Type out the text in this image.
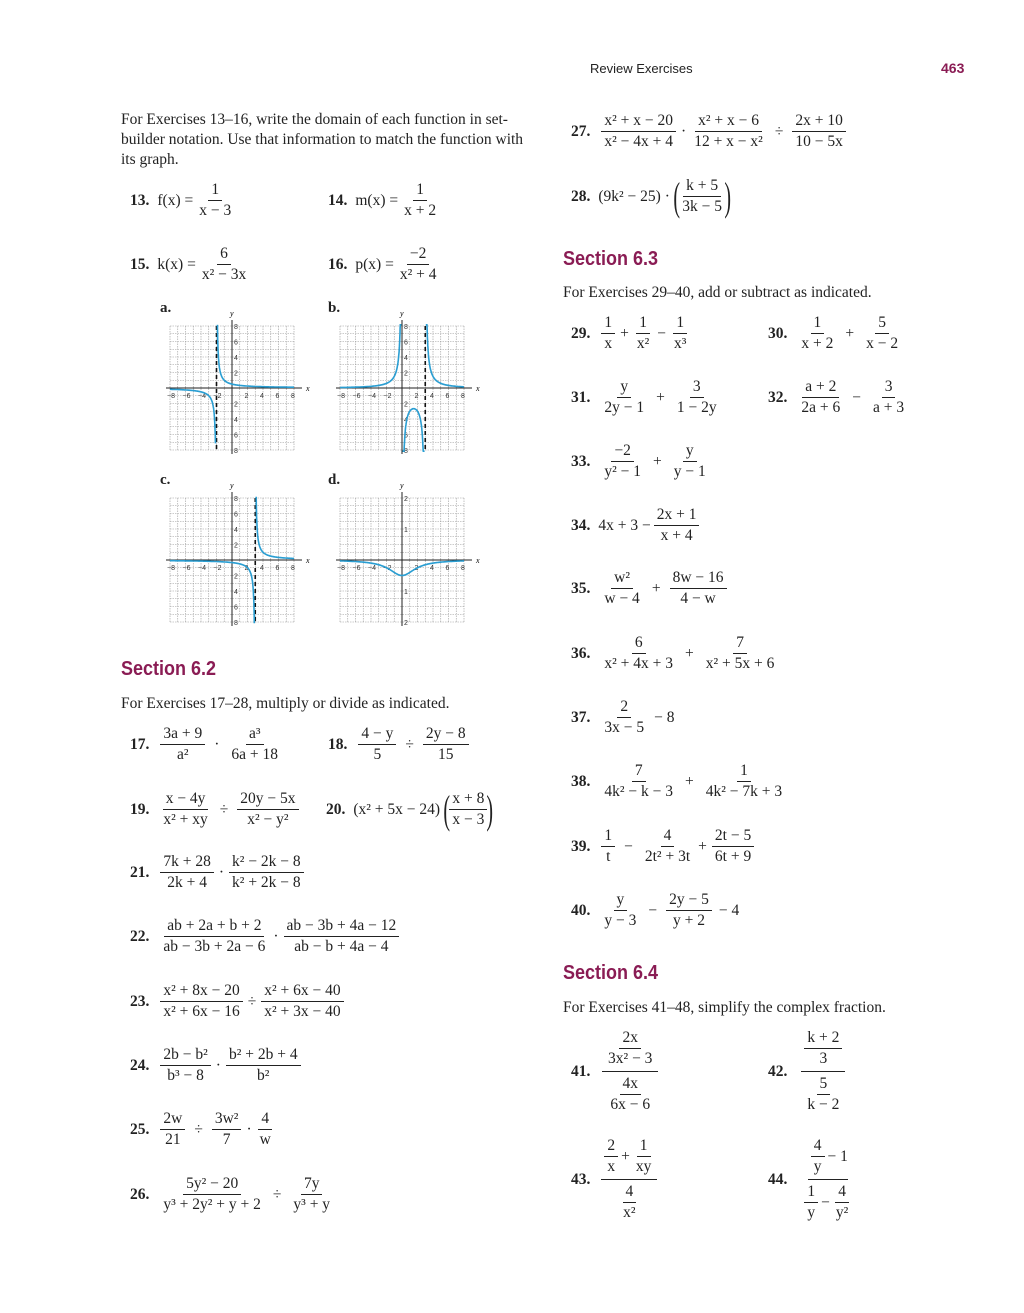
Review Exercises	463
For Exercises 13–16, write the domain of each function in set-builder notation. Use that information to match the function with its graph.
13. $f(x) = \frac{1}{x - 3}$	14. $m(x) = \frac{1}{x + 2}$
15. $k(x) = \frac{6}{\text{x² − 3x}}$	16. $p(x) = \frac{-2}{\text{x² + 4}}$
a.	b.
c.	d.
x
y
−8 −6 −4 −2	2 4 6 8
8
6
4
2
2
4
6
8
x
y
−8 −6 −4 −2	2 4 6 8
8
6
4
2
2
4
6
8
x
y
−8 −6 −4 −2	2 4 6 8
8
6
4
2
2
4
6
8
x
y
−8 −6 −4 −2	2 4 6 8
2
1
1
2
Section 6.2
For Exercises 17–28, multiply or divide as indicated.
17. $\frac{3a + 9}{\text{a²}} \cdot \frac{\text{a³}}{6a + 18}$	18. $\frac{4 - y}{5} \div \frac{2y - 8}{15}$
19. $\frac{x - 4y}{\text{x² + xy}} \div \frac{20y - 5x}{\text{x² − y²}} 20$. (x² + 5x − 24) ( $\frac{x + 8}{x - 3}$ )
21. $\frac{7k + 28}{2k + 4} \cdot \frac{\text{k² − 2k − 8}}{\text{k² + 2k − 8}}$
22. $\frac{ab + 2a + b + 2}{ab - 3b + 2a - 6} \cdot \frac{ab - 3b + 4a - 12}{ab - b + 4a - 4}$
23. $\frac{\text{x² + 8x − 20}}{\text{x² + 6x − 16}} \div \frac{\text{x² + 6x − 40}}{\text{x² + 3x − 40}}$
24. $\frac{\text{2b − b²}}{\text{b³ − 8}} \cdot \frac{\text{b² + 2b + 4}}{\text{b²}}$
25. $\frac{2w}{21} \div \frac{\text{3w²}}{7} \cdot \frac{4}{w}$
26. $\frac{\text{5y² − 20}}{\text{y³ + 2y² + y + 2}} \div \frac{7y}{\text{y³ + y}}$
27. $\frac{\text{x² + x − 20}}{\text{x² − 4x + 4}} \cdot \frac{\text{x² + x − 6}}{\text{12 + x − x²}} \div \frac{2x + 10}{10 - 5x}$
28. (9k² − 25) · ( $\frac{k + 5}{3k - 5}$ )
Section 6.3
For Exercises 29–40, add or subtract as indicated.
29. $\frac{1}{x} + \frac{1}{\text{x²}} - \frac{1}{\text{x³}}$	30. $\frac{1}{x + 2} + \frac{5}{x - 2}$
31. $\frac{y}{2y - 1} + \frac{3}{1 - 2y}$	32. $\frac{a + 2}{2a + 6} - \frac{3}{a + 3}$
33. $\frac{-2}{\text{y² − 1}} + \frac{y}{y - 1}$
34. $4x + 3 - \frac{2x + 1}{x + 4}$
35. $\frac{\text{w²}}{w - 4} + \frac{8w - 16}{4 - w}$
36. $\frac{6}{\text{x² + 4x + 3}} + \frac{7}{\text{x² + 5x + 6}}$
37. $\frac{2}{3x - 5} - 8$
38. $\frac{7}{\text{4k² − k − 3}} + \frac{1}{\text{4k² − 7k + 3}}$
39. $\frac{1}{t} - \frac{4}{\text{2t² + 3t}} + \frac{2t - 5}{6t + 9}$
40. $\frac{y}{y - 3} - \frac{2y - 5}{y + 2} - 4$
Section 6.4
For Exercises 41–48, simplify the complex fraction.
41. $\frac{\frac{2x}{\text{3x² − 3}}}{\frac{4x}{6x - 6}}$	42. $\frac{\frac{k + 2}{3}}{\frac{5}{k - 2}}$
43. $\frac{\frac{2}{x} + \frac{1}{xy}}{\frac{4}{\text{x²}}}$	44. $\frac{\frac{4}{y} - 1}{\frac{1}{y} - \frac{4}{\text{y²}}}$
